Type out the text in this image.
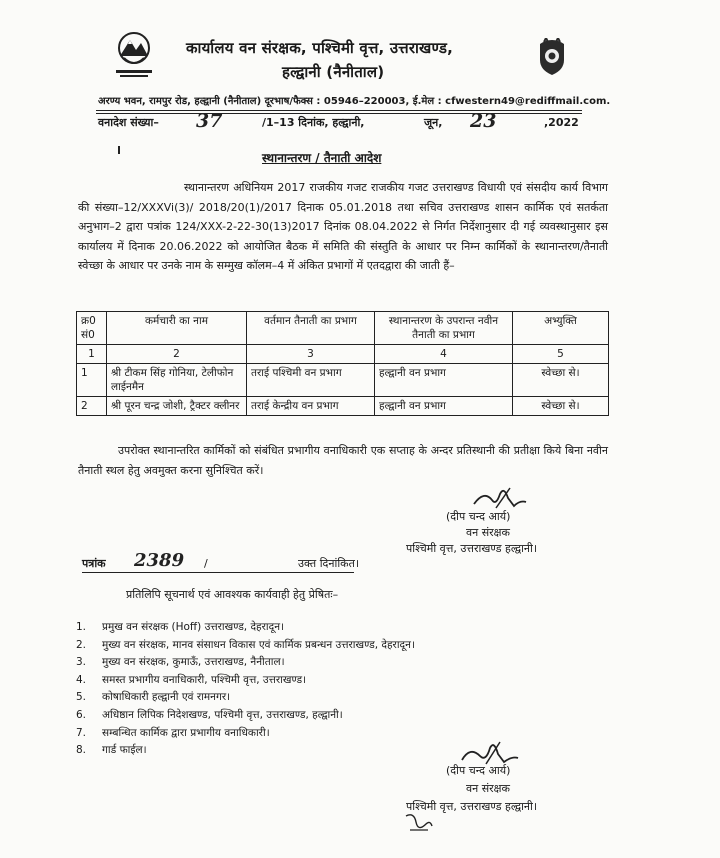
कार्यालय वन संरक्षक, पश्चिमी वृत्त, उत्तराखण्ड,
हल्द्वानी (नैनीताल)
अरण्य भवन, रामपुर रोड, हल्द्वानी (नैनीताल) दूरभाष/फैक्स : 05946–220003, ई.मेल : cfwestern49@rediffmail.com.
वनादेश संख्या– 37	/1–13 दिनांक, हल्द्वानी,	जून, 23	,2022
स्थानान्तरण / तैनाती आदेश
स्थानान्तरण अधिनियम 2017 राजकीय गजट राजकीय गजट उत्तराखण्ड विधायी एवं संसदीय कार्य विभाग की संख्या–12/XXXVi(3)/ 2018/20(1)/2017 दिनाक 05.01.2018 तथा सचिव उत्तराखण्ड शासन कार्मिक एवं सतर्कता अनुभाग–2 द्वारा पत्रांक 124/XXX-2-22-30(13)2017 दिनांक 08.04.2022 से निर्गत निर्देशानुसार दी गई व्यवस्थानुसार इस कार्यालय में दिनाक 20.06.2022 को आयोजित बैठक में समिति की संस्तुति के आधार पर निम्न कार्मिकों के स्थानान्तरण/तैनाती स्वेच्छा के आधार पर उनके नाम के सम्मुख कॉलम–4 में अंकित प्रभागों में एतदद्वारा की जाती हैं–
क्र0 सं0	कर्मचारी का नाम	वर्तमान तैनाती का प्रभाग	स्थानान्तरण के उपरान्त नवीन तैनाती का प्रभाग	अभ्युक्ति
1	2	3	4	5
1	श्री टीकम सिंह गोनिया, टेलीफोन लाईनमैन	तराई पश्चिमी वन प्रभाग	हल्द्वानी वन प्रभाग	स्वेच्छा से।
2	श्री पूरन चन्द्र जोशी, ट्रैक्टर क्लीनर	तराई केन्द्रीय वन प्रभाग	हल्द्वानी वन प्रभाग	स्वेच्छा से।
उपरोक्त स्थानान्तरित कार्मिकों को संबंधित प्रभागीय वनाधिकारी एक सप्ताह के अन्दर प्रतिस्थानी की प्रतीक्षा किये बिना नवीन तैनाती स्थल हेतु अवमुक्त करना सुनिश्चित करें।
(दीप चन्द आर्य)
वन संरक्षक
पश्चिमी वृत्त, उत्तराखण्ड हल्द्वानी।
पत्रांक 2389 /	उक्त दिनांकित।
प्रतिलिपि सूचनार्थ एवं आवश्यक कार्यवाही हेतु प्रेषितः–
1. प्रमुख वन संरक्षक (Hoff) उत्तराखण्ड, देहरादून।
2. मुख्य वन संरक्षक, मानव संसाधन विकास एवं कार्मिक प्रबन्धन उत्तराखण्ड, देहरादून।
3. मुख्य वन संरक्षक, कुमाऊँ, उत्तराखण्ड, नैनीताल।
4. समस्त प्रभागीय वनाधिकारी, पश्चिमी वृत्त, उत्तराखण्ड।
5. कोषाधिकारी हल्द्वानी एवं रामनगर।
6. अधिष्ठान लिपिक निदेशखण्ड, पश्चिमी वृत्त, उत्तराखण्ड, हल्द्वानी।
7. सम्बन्धित कार्मिक द्वारा प्रभागीय वनाधिकारी।
8. गार्ड फाईल।
(दीप चन्द आर्य)
वन संरक्षक
पश्चिमी वृत्त, उत्तराखण्ड हल्द्वानी।
